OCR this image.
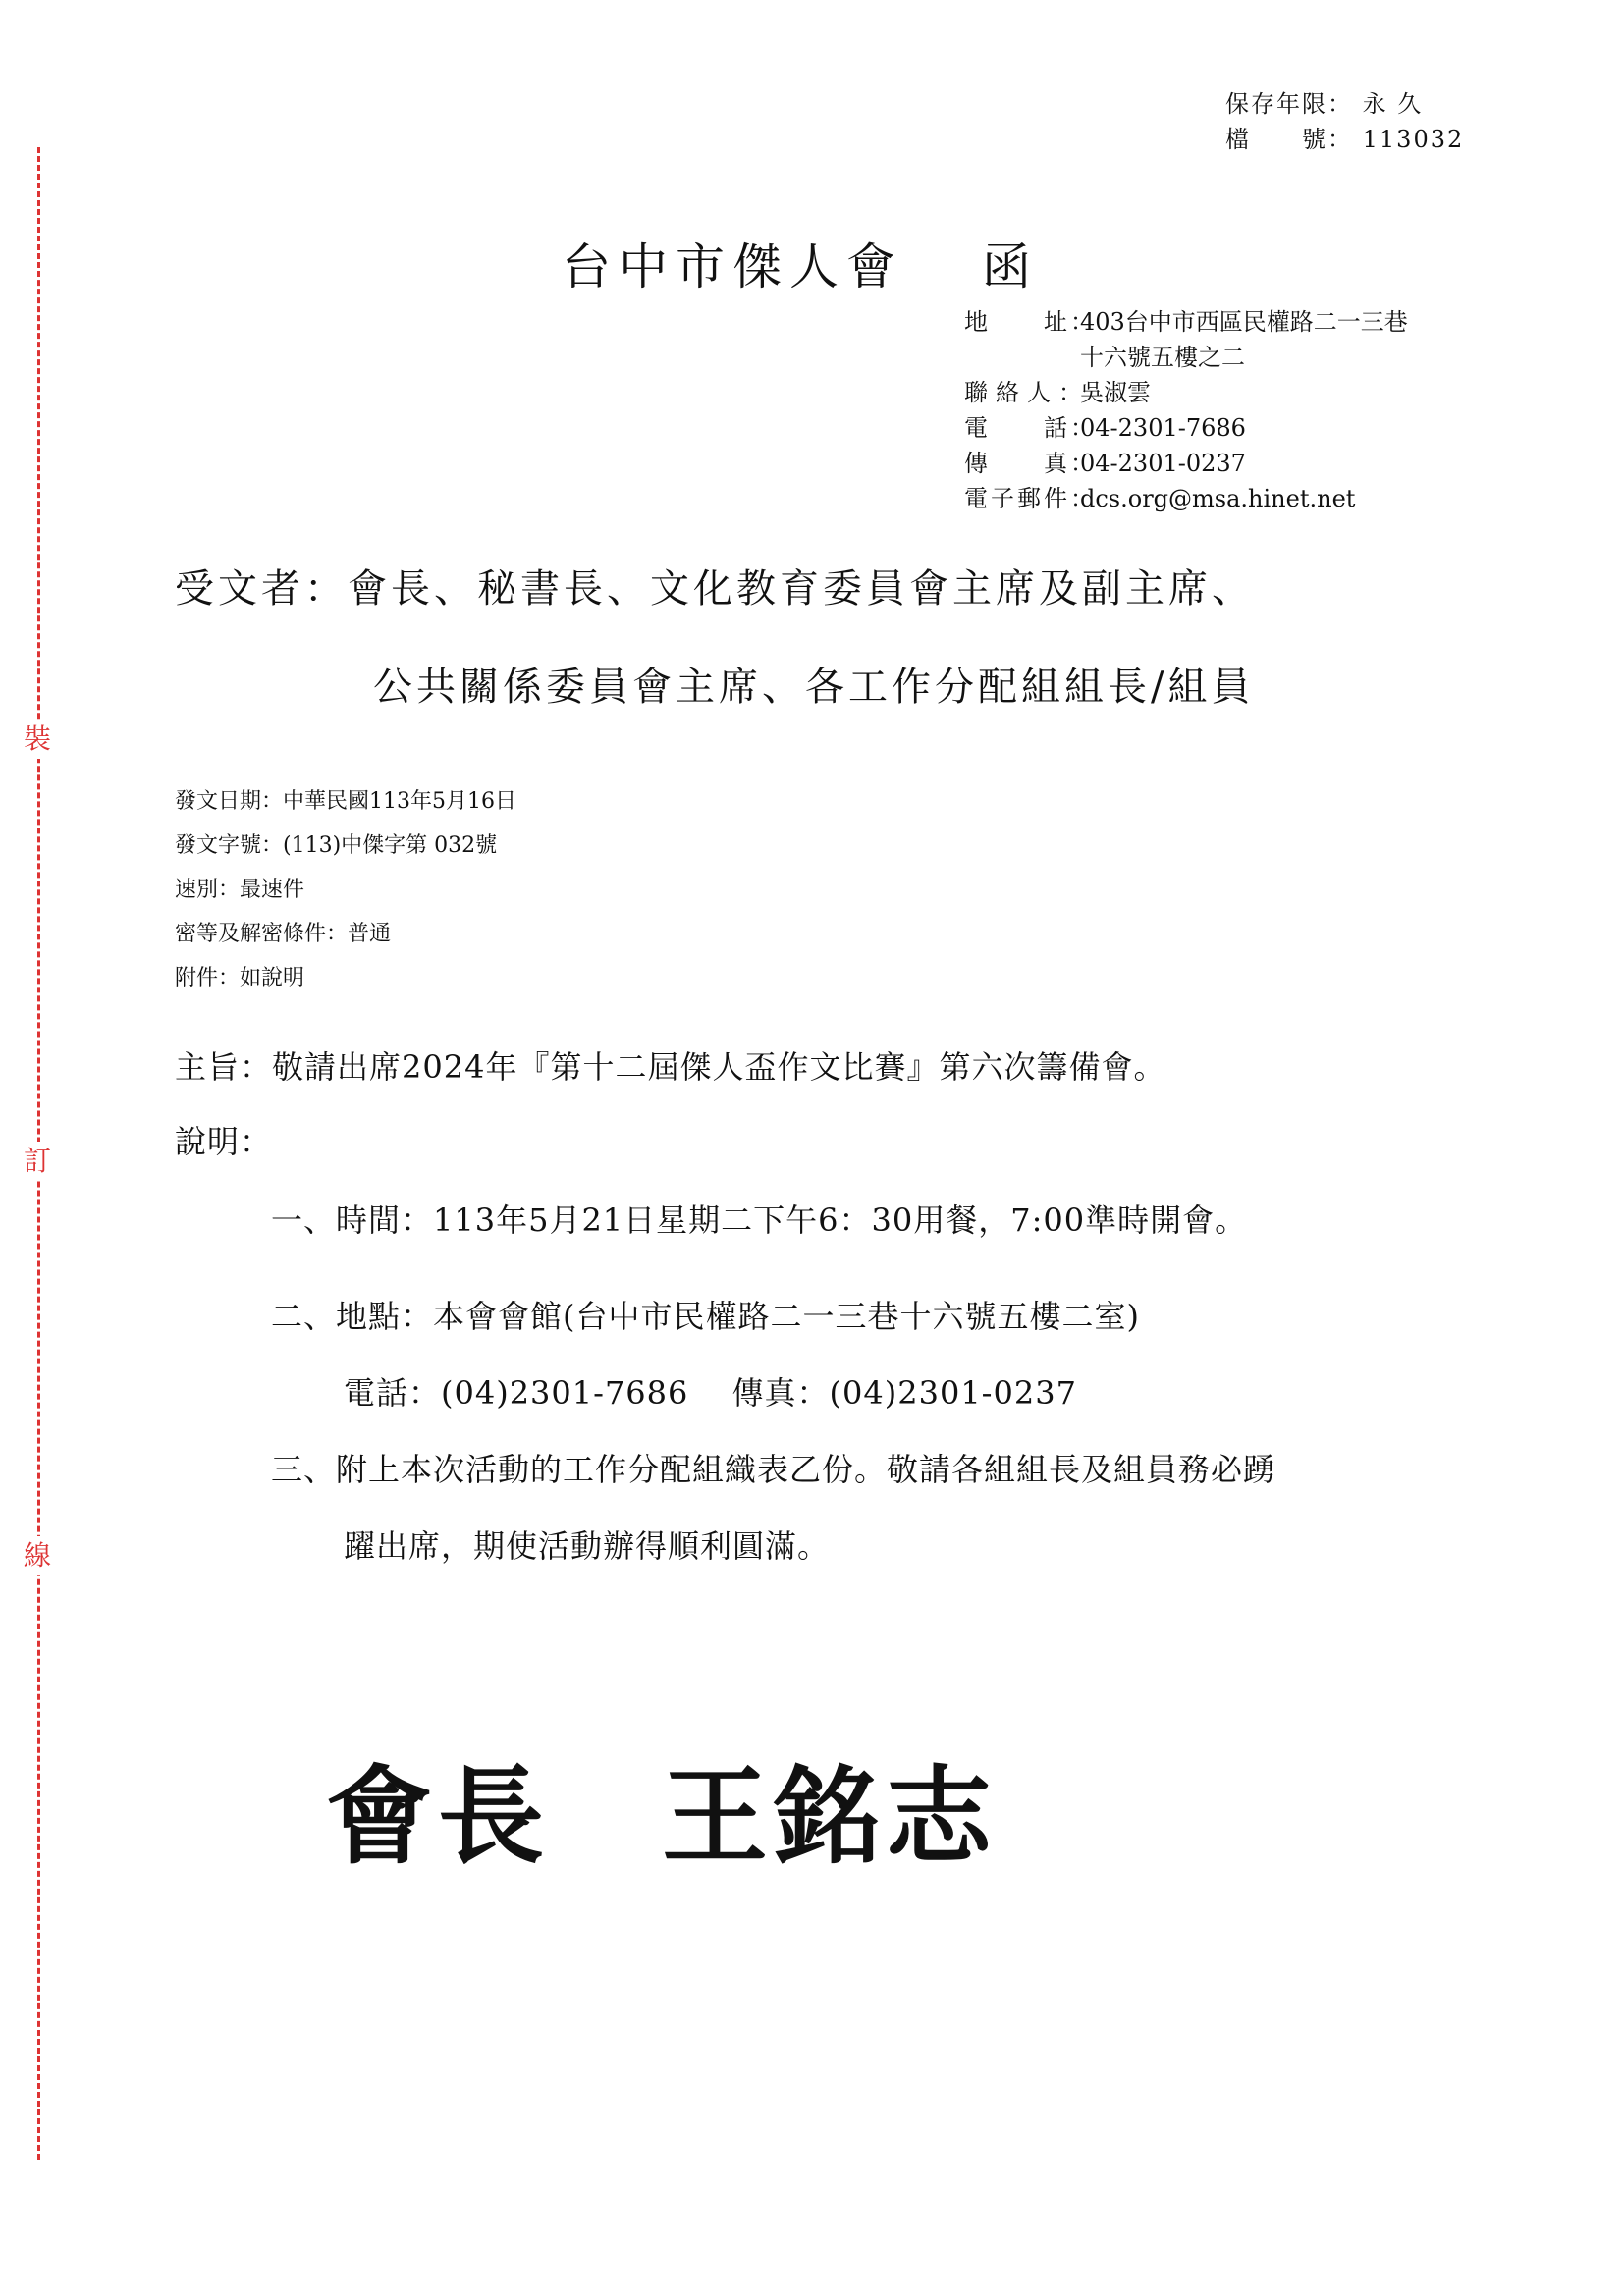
裝
訂
線
保存年限： 永 久
檔　　號： 113032
台中市傑人會 函
地　　址：
403台中市西區民權路二一三巷
十六號五樓之二
聯絡人：
吳淑雲
電　　話：
04-2301-7686
傳　　真：
04-2301-0237
電子郵件：
dcs.org@msa.hinet.net
受文者：會長、秘書長、文化教育委員會主席及副主席、
公共關係委員會主席、各工作分配組組長/組員
發文日期：中華民國113年5月16日
發文字號：(113)中傑字第 032號
速別：最速件
密等及解密條件：普通
附件：如說明
主旨：敬請出席2024年『第十二屆傑人盃作文比賽』第六次籌備會。
說明：
一、時間：113年5月21日星期二下午6：30用餐，7:00準時開會。
二、地點：本會會館(台中市民權路二一三巷十六號五樓二室)
電話：(04)2301-7686　 傳真：(04)2301-0237
三、附上本次活動的工作分配組織表乙份。敬請各組組長及組員務必踴
躍出席，期使活動辦得順利圓滿。
會長　王銘志
